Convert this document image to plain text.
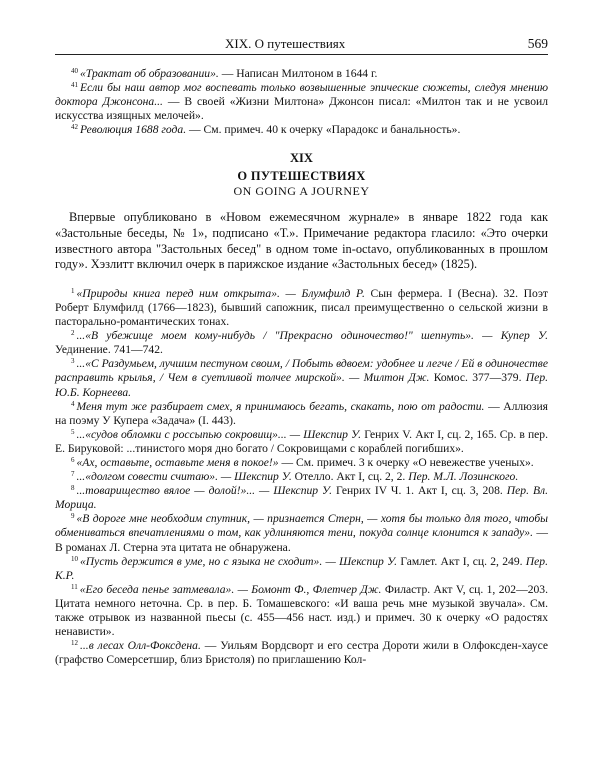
XIX. О путешествиях	569

$^{40}$ «Трактат об образовании». — Написан Милтоном в 1644 г.

$^{41}$ Если бы наш автор мог воспевать только возвышенные эпические сюжеты, следуя мнению доктора Джонсона... — В своей «Жизни Милтона» Джонсон писал: «Милтон так и не усвоил искусства изящных мелочей».

$^{42}$ Революция 1688 года. — См. примеч. 40 к очерку «Парадокс и банальность».

XIX
О ПУТЕШЕСТВИЯХ
ON GOING A JOURNEY

Впервые опубликовано в «Новом ежемесячном журнале» в январе 1822 года как «Застольные беседы, № 1», подписано «Т.». Примечание редактора гласило: «Это очерки известного автора "Застольных бесед" в одном томе in-octavo, опубликованных в прошлом году». Хэзлитт включил очерк в парижское издание «Застольных бесед» (1825).

$^1$ «Природы книга перед ним открыта». — Блумфилд Р. Сын фермера. I (Весна). 32. Поэт Роберт Блумфилд (1766—1823), бывший сапожник, писал преимущественно о сельской жизни в пасторально-романтических тонах.

$^2$ ...«В убежище моем кому-нибудь / "Прекрасно одиночество!" шепнуть». — Купер У. Уединение. 741—742.

$^3$ ...«С Раздумьем, лучшим пестуном своим, / Побыть вдвоем: удобнее и легче / Ей в одиночестве расправить крылья, / Чем в суетливой толчее мирской». — Милтон Дж. Комос. 377—379. Пер. Ю.Б. Корнеева.

$^4$ Меня тут же разбирает смех, я принимаюсь бегать, скакать, пою от радости. — Аллюзия на поэму У Купера «Задача» (I. 443).

$^5$ ...«судов обломки с россыпью сокровищ»... — Шекспир У. Генрих V. Акт I, сц. 2, 165. Ср. в пер. Е. Бируковой: ...тинистого моря дно богато / Сокровищами с кораблей погибших».

$^6$ «Ах, оставьте, оставьте меня в покое!» — См. примеч. 3 к очерку «О невежестве ученых».

$^7$ ...«долгом совести считаю». — Шекспир У. Отелло. Акт I, сц. 2, 2. Пер. М.Л. Лозинского.

$^8$ ...товарищество вялое — долой!»... — Шекспир У. Генрих IV Ч. 1. Акт I, сц. 3, 208. Пер. Вл. Морица.

$^9$ «В дороге мне необходим спутник, — признается Стерн, — хотя бы только для того, чтобы обмениваться впечатлениями о том, как удлиняются тени, покуда солнце клонится к западу». — В романах Л. Стерна эта цитата не обнаружена.

$^{10}$ «Пусть держится в уме, но с языка не сходит». — Шекспир У. Гамлет. Акт I, сц. 2, 249. Пер. К.Р.

$^{11}$ «Его беседа пенье затмевала». — Бомонт Ф., Флетчер Дж. Филастр. Акт V, сц. 1, 202—203. Цитата немного неточна. Ср. в пер. Б. Томашевского: «И ваша речь мне музыкой звучала». См. также отрывок из названной пьесы (с. 455—456 наст. изд.) и примеч. 30 к очерку «О радостях ненависти».

$^{12}$ ...в лесах Олл-Фоксдена. — Уильям Вордсворт и его сестра Дороти жили в Олфоксден-хаусе (графство Сомерсетшир, близ Бристоля) по приглашению Кол-
